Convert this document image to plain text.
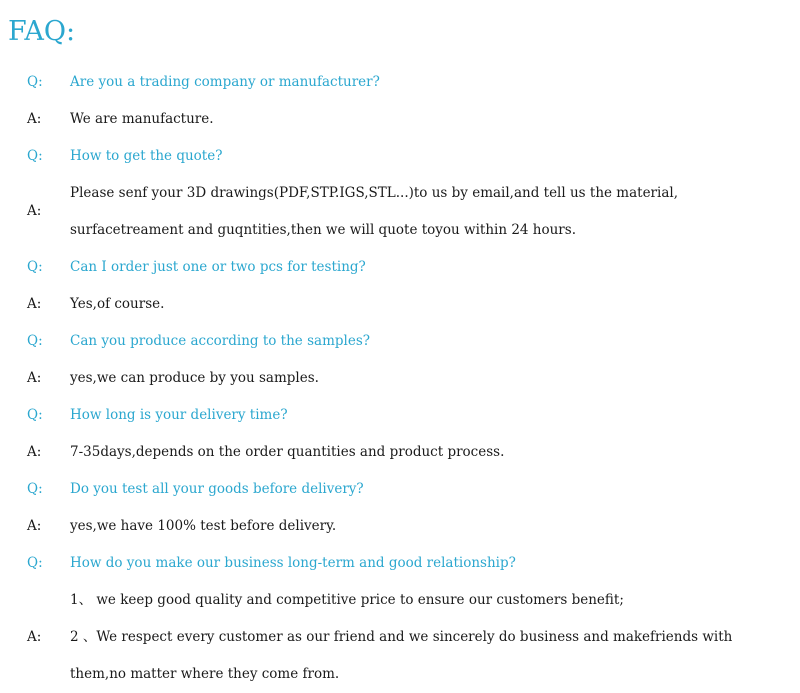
FAQ:
Q:	Are you a trading company or manufacturer?
A:	We are manufacture.
Q:	How to get the quote?
A:
Please senf your 3D drawings(PDF,STP.IGS,STL...)to us by email,and tell us the material,
surfacetreament and guqntities,then we will quote toyou within 24 hours.
Q:	Can I order just one or two pcs for testing?
A:	Yes,of course.
Q:	Can you produce according to the samples?
A:	yes,we can produce by you samples.
Q:	How long is your delivery time?
A:	7-35days,depends on the order quantities and product process.
Q:	Do you test all your goods before delivery?
A:	yes,we have 100% test before delivery.
Q:	How do you make our business long-term and good relationship?
A:
1、 we keep good quality and competitive price to ensure our customers benefit;
2 、We respect every customer as our friend and we sincerely do business and makefriends with
them,no matter where they come from.
